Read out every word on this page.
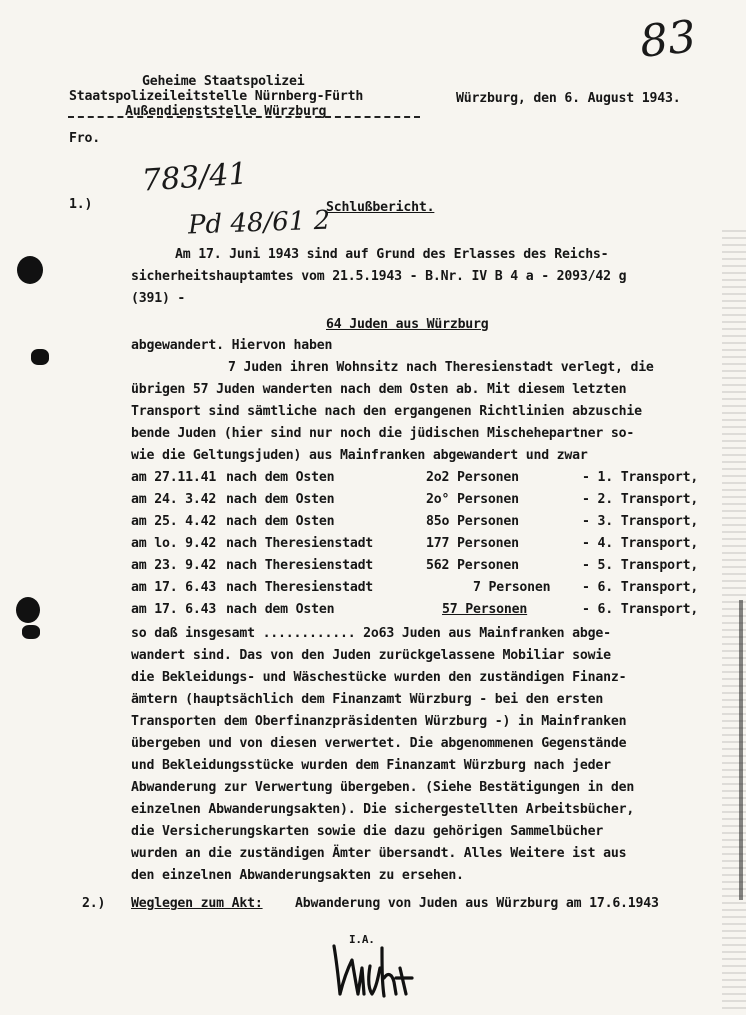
83
Geheime Staatspolizei
Staatspolizeileitstelle Nürnberg-Fürth
Außendienststelle Würzburg
Würzburg, den 6. August 1943.
Fro.
783/41
Pd 48/61 2
1.)	Schlußbericht.
Am 17. Juni 1943 sind auf Grund des Erlasses des Reichs-
sicherheitshauptamtes vom 21.5.1943 - B.Nr. IV B 4 a - 2093/42 g
(391) -
64 Juden aus Würzburg
abgewandert. Hiervon haben
7 Juden ihren Wohnsitz nach Theresienstadt verlegt, die
übrigen 57 Juden wanderten nach dem Osten ab. Mit diesem letzten
Transport sind sämtliche nach den ergangenen Richtlinien abzuschie
bende Juden (hier sind nur noch die jüdischen Mischehepartner so-
wie die Geltungsjuden) aus Mainfranken abgewandert und zwar
am 27.11.41 nach dem Osten	2o2 Personen	- 1. Transport,
am 24. 3.42 nach dem Osten	2o° Personen	- 2. Transport,
am 25. 4.42 nach dem Osten	85o Personen	- 3. Transport,
am lo. 9.42 nach Theresienstadt	177 Personen	- 4. Transport,
am 23. 9.42 nach Theresienstadt	562 Personen	- 5. Transport,
am 17. 6.43 nach Theresienstadt	7 Personen - 6. Transport,
am 17. 6.43 nach dem Osten	57 Personen	- 6. Transport,
so daß insgesamt ............ 2o63 Juden aus Mainfranken abge-
wandert sind. Das von den Juden zurückgelassene Mobiliar sowie
die Bekleidungs- und Wäschestücke wurden den zuständigen Finanz-
ämtern (hauptsächlich dem Finanzamt Würzburg - bei den ersten
Transporten dem Oberfinanzpräsidenten Würzburg -) in Mainfranken
übergeben und von diesen verwertet. Die abgenommenen Gegenstände
und Bekleidungsstücke wurden dem Finanzamt Würzburg nach jeder
Abwanderung zur Verwertung übergeben. (Siehe Bestätigungen in den
einzelnen Abwanderungsakten). Die sichergestellten Arbeitsbücher,
die Versicherungskarten sowie die dazu gehörigen Sammelbücher
wurden an die zuständigen Ämter übersandt. Alles Weitere ist aus
den einzelnen Abwanderungsakten zu ersehen.
2.) Weglegen zum Akt: Abwanderung von Juden aus Würzburg am 17.6.1943
I.A.
